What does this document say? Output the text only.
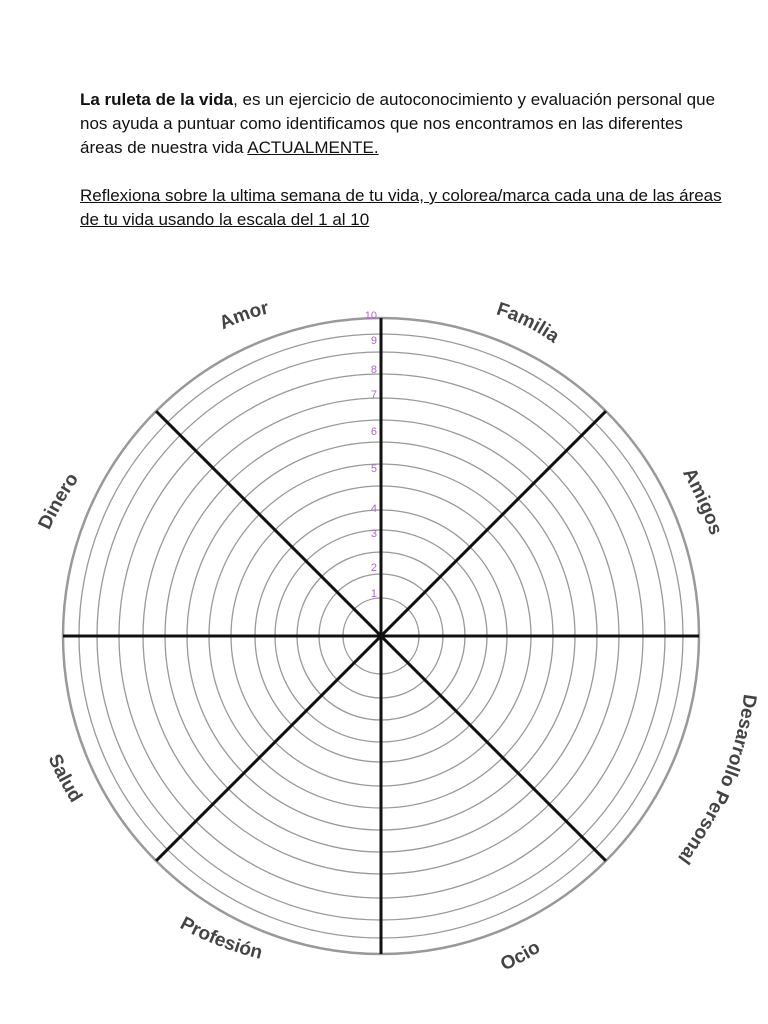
La ruleta de la vida, es un ejercicio de autoconocimiento y evaluación personal que nos ayuda a puntuar como identificamos que nos encontramos en las diferentes áreas de nuestra vida ACTUALMENTE.

Reflexiona sobre la ultima semana de tu vida, y colorea/marca cada una de las áreas de tu vida usando la escala del 1 al 10

1
2
3
4
5
6
7
8
9
10
Amor	Familia
Amigos
Desarrollo Personal
Ocio
Profesión
Salud
Dinero
